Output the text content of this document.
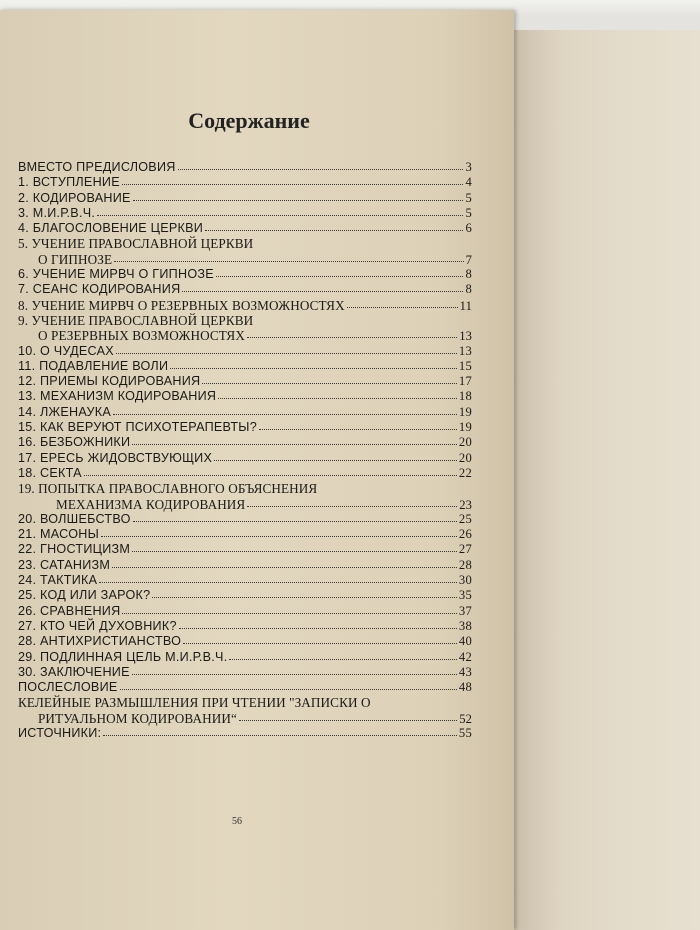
Содержание
ВМЕСТО ПРЕДИСЛОВИЯ	3
1. ВСТУПЛЕНИЕ	4
2. КОДИРОВАНИЕ	5
3. М.И.Р.В.Ч.	5
4. БЛАГОСЛОВЕНИЕ ЦЕРКВИ	6
5. УЧЕНИЕ ПРАВОСЛАВНОЙ ЦЕРКВИ
О ГИПНОЗЕ	7
6. УЧЕНИЕ МИРВЧ О ГИПНОЗЕ	8
7. СЕАНС КОДИРОВАНИЯ	8
8. УЧЕНИЕ МИРВЧ О РЕЗЕРВНЫХ ВОЗМОЖНОСТЯХ	11
9. УЧЕНИЕ ПРАВОСЛАВНОЙ ЦЕРКВИ
О РЕЗЕРВНЫХ ВОЗМОЖНОСТЯХ	13
10. О ЧУДЕСАХ	13
11. ПОДАВЛЕНИЕ ВОЛИ	15
12. ПРИЕМЫ КОДИРОВАНИЯ	17
13. МЕХАНИЗМ КОДИРОВАНИЯ	18
14. ЛЖЕНАУКА	19
15. КАК ВЕРУЮТ ПСИХОТЕРАПЕВТЫ?	19
16. БЕЗБОЖНИКИ	20
17. ЕРЕСЬ ЖИДОВСТВУЮЩИХ	20
18. СЕКТА	22
19. ПОПЫТКА ПРАВОСЛАВНОГО ОБЪЯСНЕНИЯ
МЕХАНИЗМА КОДИРОВАНИЯ	23
20. ВОЛШЕБСТВО	25
21. МАСОНЫ	26
22. ГНОСТИЦИЗМ	27
23. САТАНИЗМ	28
24. ТАКТИКА	30
25. КОД ИЛИ ЗАРОК?	35
26. СРАВНЕНИЯ	37
27. КТО ЧЕЙ ДУХОВНИК?	38
28. АНТИХРИСТИАНСТВО	40
29. ПОДЛИННАЯ ЦЕЛЬ М.И.Р.В.Ч.	42
30. ЗАКЛЮЧЕНИЕ	43
ПОСЛЕСЛОВИЕ	48
КЕЛЕЙНЫЕ РАЗМЫШЛЕНИЯ ПРИ ЧТЕНИИ "ЗАПИСКИ О
РИТУАЛЬНОМ КОДИРОВАНИИ“	52
ИСТОЧНИКИ:	55
56
